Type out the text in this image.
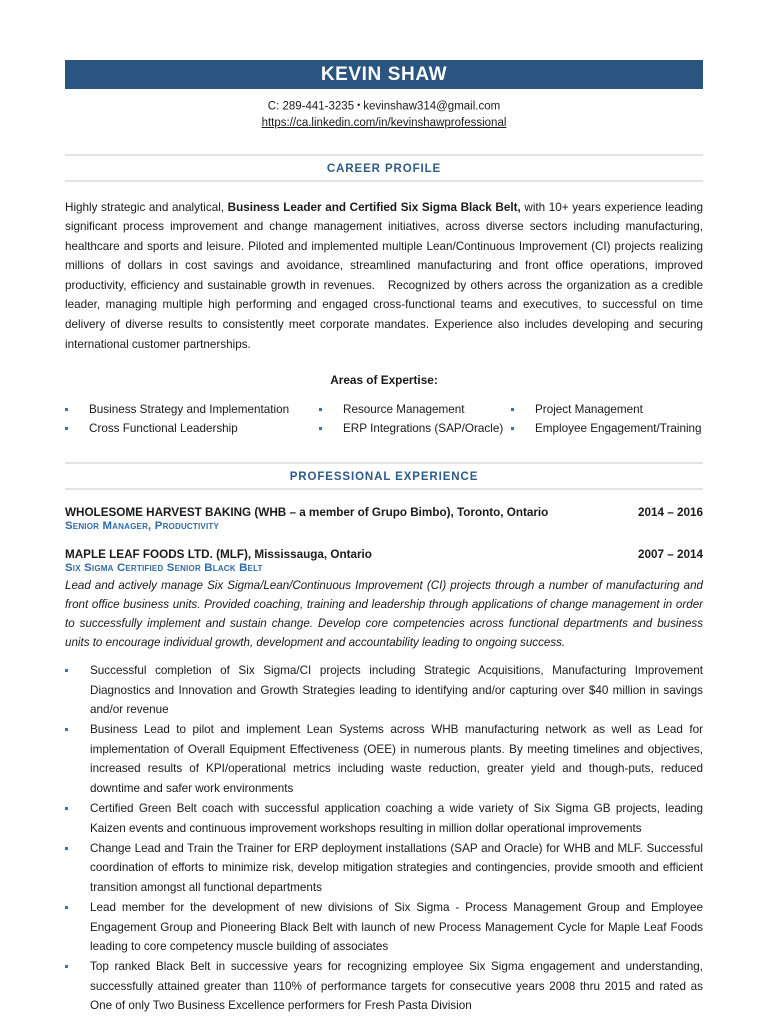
KEVIN SHAW
C: 289-441-3235 • kevinshaw314@gmail.com
https://ca.linkedin.com/in/kevinshawprofessional
CAREER PROFILE

Highly strategic and analytical, Business Leader and Certified Six Sigma Black Belt, with 10+ years experience leading significant process improvement and change management initiatives, across diverse sectors including manufacturing, healthcare and sports and leisure. Piloted and implemented multiple Lean/Continuous Improvement (CI) projects realizing millions of dollars in cost savings and avoidance, streamlined manufacturing and front office operations, improved productivity, efficiency and sustainable growth in revenues.   Recognized by others across the organization as a credible leader, managing multiple high performing and engaged cross-functional teams and executives, to successful on time delivery of diverse results to consistently meet corporate mandates. Experience also includes developing and securing international customer partnerships.

Areas of Expertise:
Business Strategy and Implementation	Resource Management	Project Management
Cross Functional Leadership	ERP Integrations (SAP/Oracle)	Employee Engagement/Training
PROFESSIONAL EXPERIENCE
WHOLESOME HARVEST BAKING (WHB – a member of Grupo Bimbo), Toronto, Ontario	2014 – 2016
Senior Manager, Productivity
MAPLE LEAF FOODS LTD. (MLF), Mississauga, Ontario	2007 – 2014
Six Sigma Certified Senior Black Belt
Lead and actively manage Six Sigma/Lean/Continuous Improvement (CI) projects through a number of manufacturing and front office business units. Provided coaching, training and leadership through applications of change management in order to successfully implement and sustain change. Develop core competencies across functional departments and business units to encourage individual growth, development and accountability leading to ongoing success.
Successful completion of Six Sigma/CI projects including Strategic Acquisitions, Manufacturing Improvement Diagnostics and Innovation and Growth Strategies leading to identifying and/or capturing over $40 million in savings and/or revenue
Business Lead to pilot and implement Lean Systems across WHB manufacturing network as well as Lead for implementation of Overall Equipment Effectiveness (OEE) in numerous plants. By meeting timelines and objectives, increased results of KPI/operational metrics including waste reduction, greater yield and though-puts, reduced downtime and safer work environments
Certified Green Belt coach with successful application coaching a wide variety of Six Sigma GB projects, leading Kaizen events and continuous improvement workshops resulting in million dollar operational improvements
Change Lead and Train the Trainer for ERP deployment installations (SAP and Oracle) for WHB and MLF. Successful coordination of efforts to minimize risk, develop mitigation strategies and contingencies, provide smooth and efficient transition amongst all functional departments
Lead member for the development of new divisions of Six Sigma - Process Management Group and Employee Engagement Group and Pioneering Black Belt with launch of new Process Management Cycle for Maple Leaf Foods leading to core competency muscle building of associates
Top ranked Black Belt in successive years for recognizing employee Six Sigma engagement and understanding, successfully attained greater than 110% of performance targets for consecutive years 2008 thru 2015 and rated as One of only Two Business Excellence performers for Fresh Pasta Division
